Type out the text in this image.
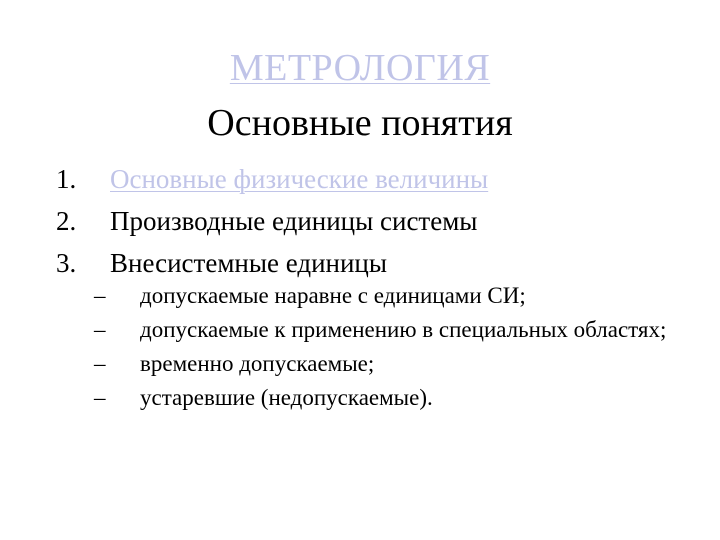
МЕТРОЛОГИЯ
Основные понятия
1.	Основные физические величины
2.	Производные единицы системы
3.	Внесистемные единицы
–	допускаемые наравне с единицами СИ;
–	допускаемые к применению в специальных областях;
–	временно допускаемые;
–	устаревшие (недопускаемые).
